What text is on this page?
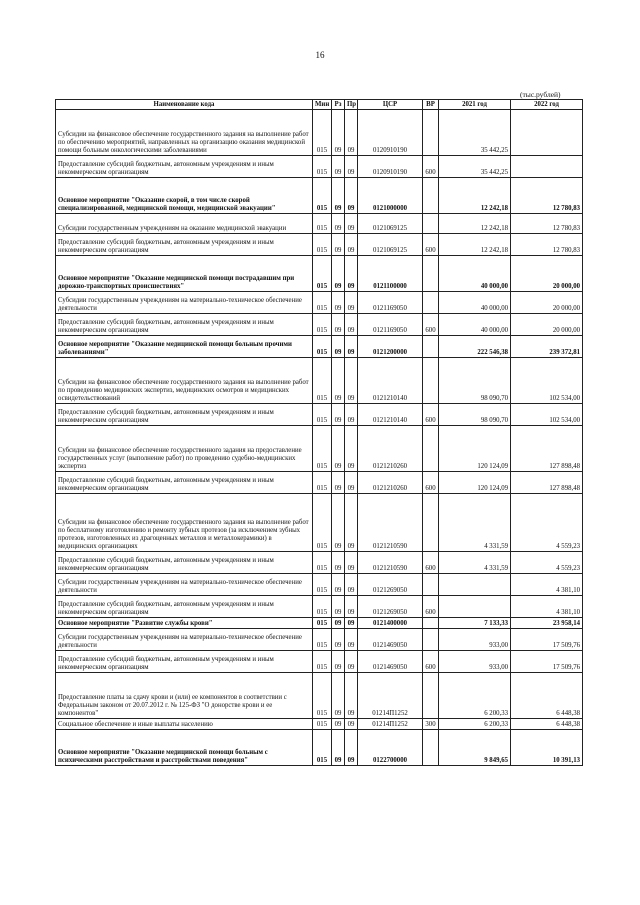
16
(тыс.рублей)
Наименование кода	Мин	Рз	Пр	ЦСР	ВР	2021 год	2022 год
Субсидии на финансовое обеспечение государственного задания на выполнение работ по обеспечению мероприятий, направленных на организацию оказания медицинской помощи больным онкологическими заболеваниями	015	09	09	0120910190		35 442,25	
Предоставление субсидий бюджетным, автономным учреждениям и иным некоммерческим организациям	015	09	09	0120910190	600	35 442,25	
Основное мероприятие "Оказание скорой, в том числе скорой специализированной, медицинской помощи, медицинской эвакуации"	015	09	09	0121000000		12 242,18	12 780,83
Субсидии государственным учреждениям на оказание медицинской эвакуации	015	09	09	0121069125		12 242,18	12 780,83
Предоставление субсидий бюджетным, автономным учреждениям и иным некоммерческим организациям	015	09	09	0121069125	600	12 242,18	12 780,83
Основное мероприятие "Оказание медицинской помощи пострадавшим при дорожно-транспортных происшествиях"	015	09	09	0121100000		40 000,00	20 000,00
Субсидии государственным учреждениям на материально-техническое обеспечение деятельности	015	09	09	0121169050		40 000,00	20 000,00
Предоставление субсидий бюджетным, автономным учреждениям и иным некоммерческим организациям	015	09	09	0121169050	600	40 000,00	20 000,00
Основное мероприятие "Оказание медицинской помощи больным прочими заболеваниями"	015	09	09	0121200000		222 546,38	239 372,81
Субсидии на финансовое обеспечение государственного задания на выполнение работ по проведению медицинских экспертиз, медицинских осмотров и медицинских освидетельствований	015	09	09	0121210140		98 090,70	102 534,00
Предоставление субсидий бюджетным, автономным учреждениям и иным некоммерческим организациям	015	09	09	0121210140	600	98 090,70	102 534,00
Субсидии на финансовое обеспечение государственного задания на предоставление государственных услуг (выполнение работ) по проведению судебно-медицинских экспертиз	015	09	09	0121210260		120 124,09	127 898,48
Предоставление субсидий бюджетным, автономным учреждениям и иным некоммерческим организациям	015	09	09	0121210260	600	120 124,09	127 898,48
Субсидии на финансовое обеспечение государственного задания на выполнение работ по бесплатному изготовлению и ремонту зубных протезов (за исключением зубных протезов, изготовленных из драгоценных металлов и металлокерамики) в медицинских организациях	015	09	09	0121210590		4 331,59	4 559,23
Предоставление субсидий бюджетным, автономным учреждениям и иным некоммерческим организациям	015	09	09	0121210590	600	4 331,59	4 559,23
Субсидии государственным учреждениям на материально-техническое обеспечение деятельности	015	09	09	0121269050			4 381,10
Предоставление субсидий бюджетным, автономным учреждениям и иным некоммерческим организациям	015	09	09	0121269050	600		4 381,10
Основное мероприятие "Развитие службы крови"	015	09	09	0121400000		7 133,33	23 958,14
Субсидии государственным учреждениям на материально-техническое обеспечение деятельности	015	09	09	0121469050		933,00	17 509,76
Предоставление субсидий бюджетным, автономным учреждениям и иным некоммерческим организациям	015	09	09	0121469050	600	933,00	17 509,76
Предоставление платы за сдачу крови и (или) ее компонентов в соответствии с Федеральным законом от 20.07.2012 г. № 125-ФЗ "О донорстве крови и ее компонентов"	015	09	09	01214П1252		6 200,33	6 448,38
Социальное обеспечение и иные выплаты населению	015	09	09	01214П1252	300	6 200,33	6 448,38
Основное мероприятие "Оказание медицинской помощи больным с психическими расстройствами и расстройствами поведения"	015	09	09	0122700000		9 849,65	10 391,13
